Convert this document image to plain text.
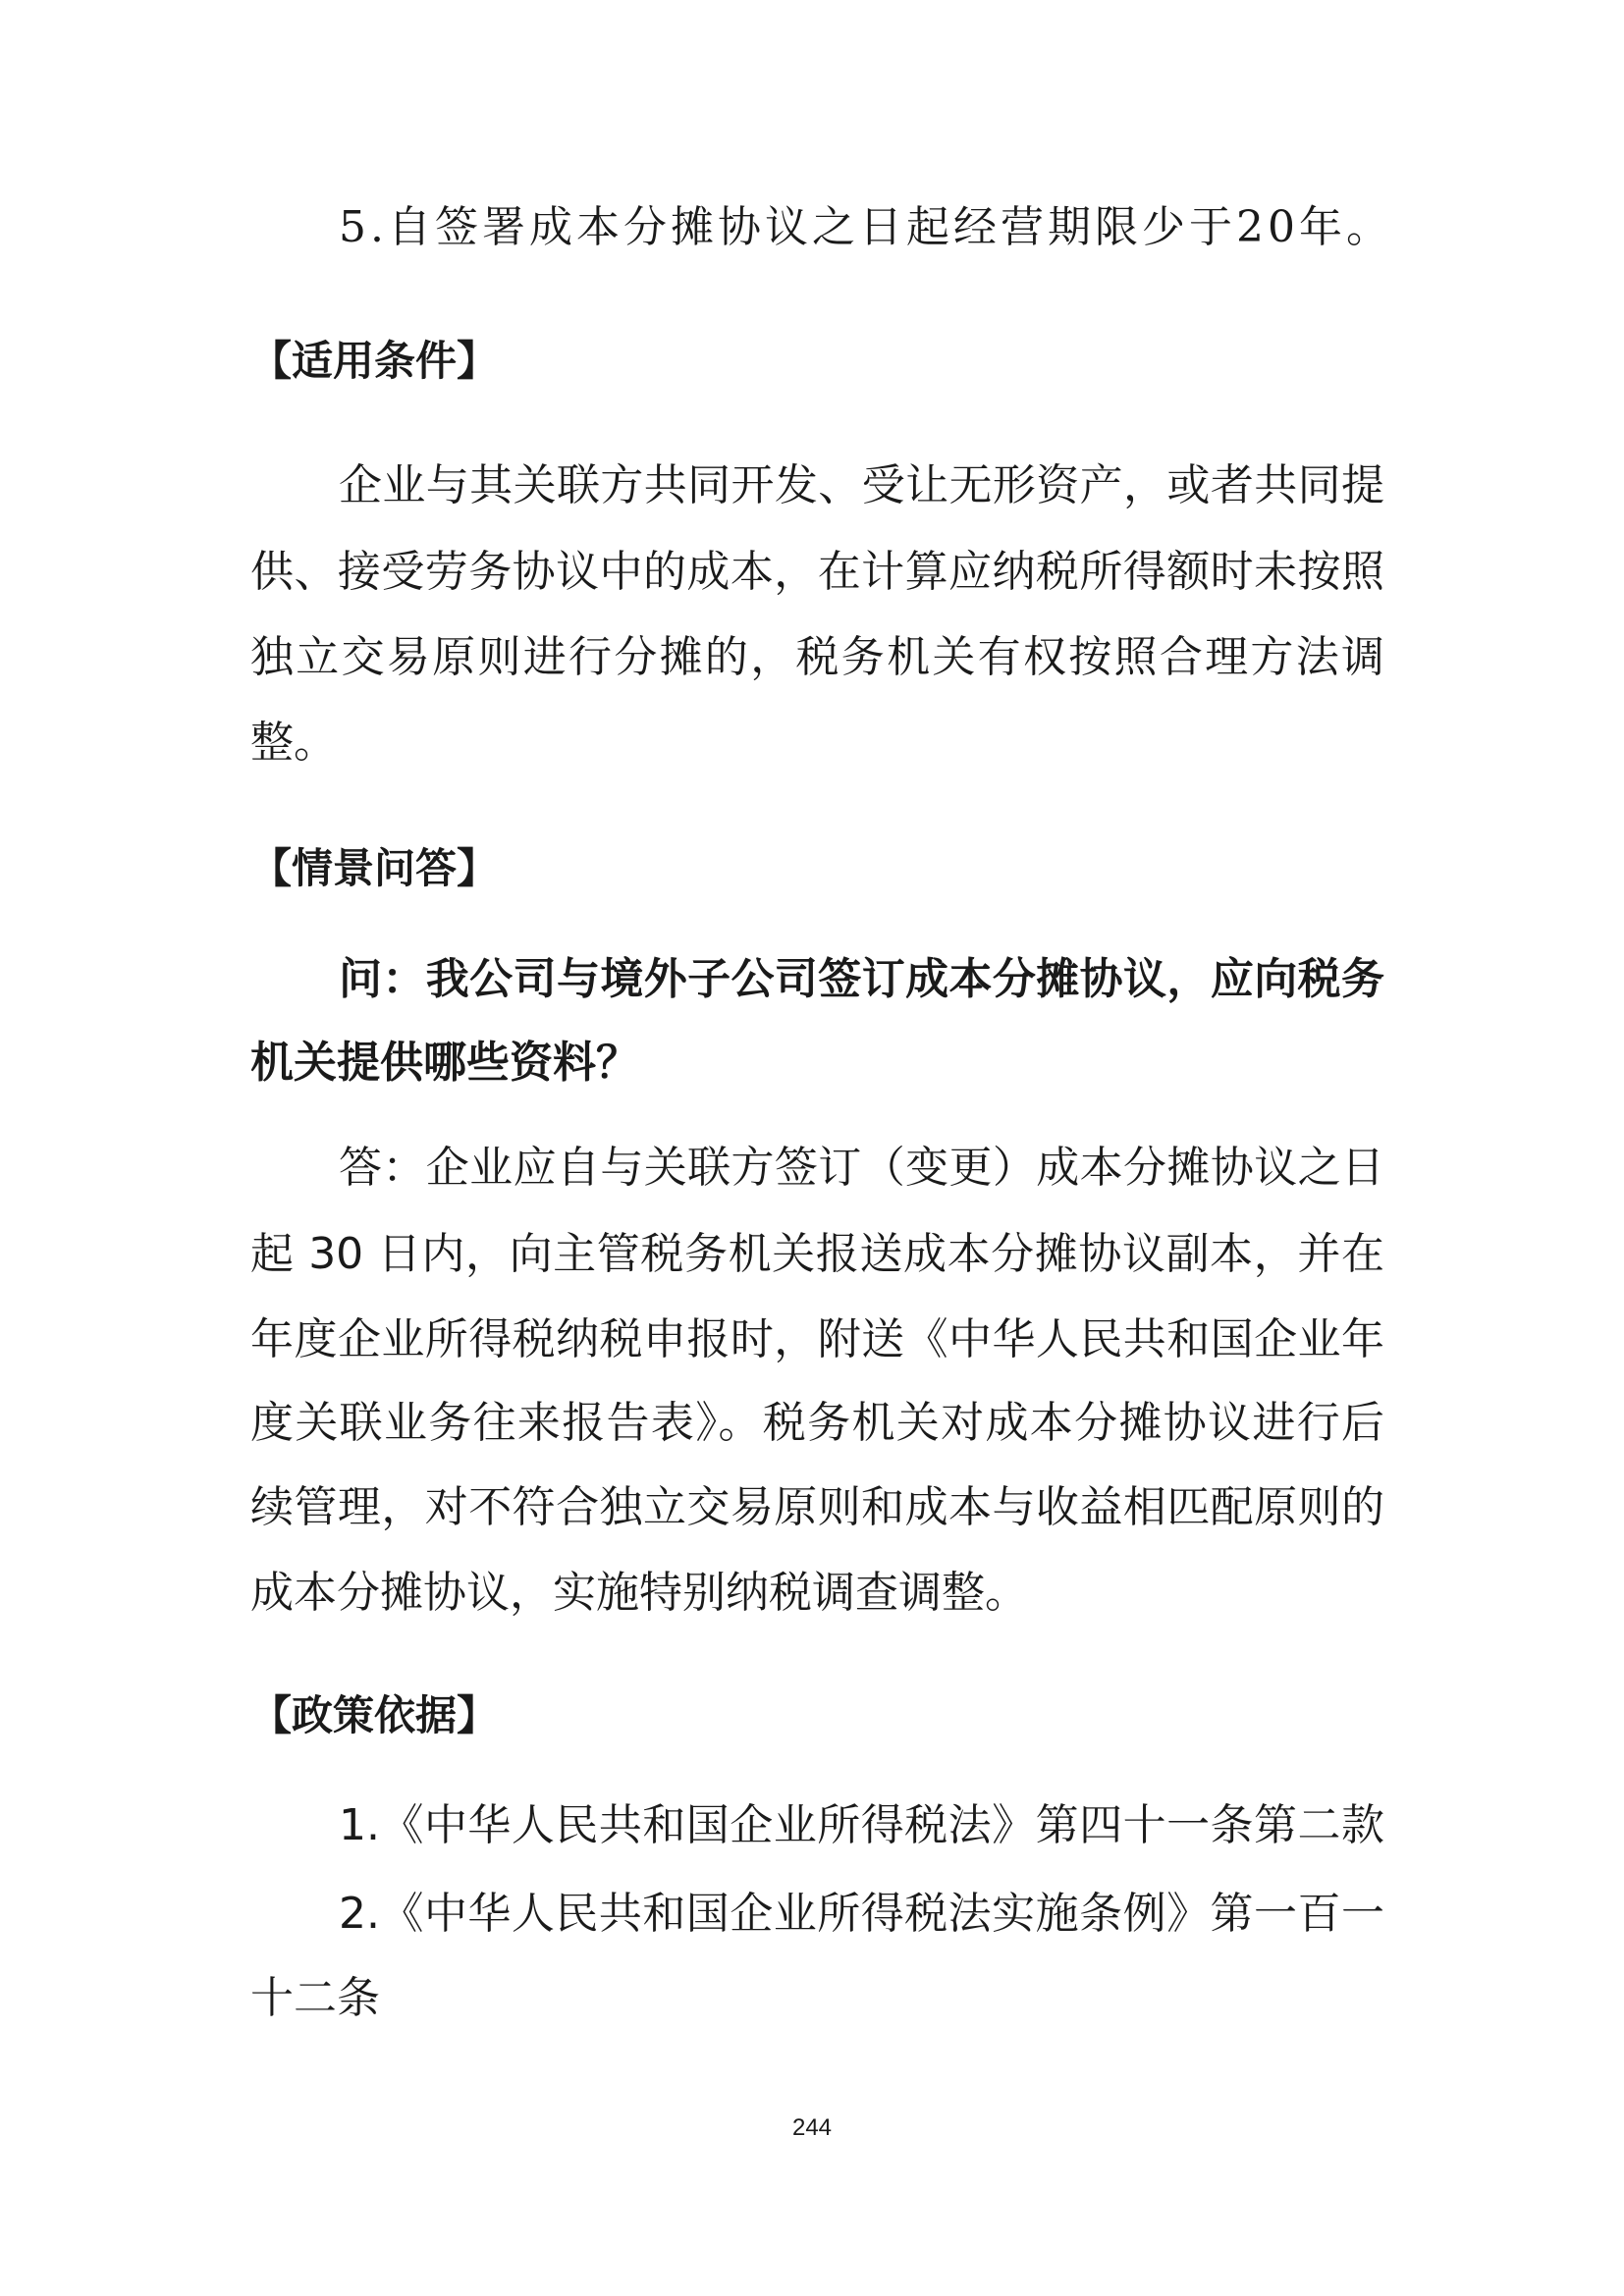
5.自签署成本分摊协议之日起经营期限少于20年。
【适用条件】
企业与其关联方共同开发、受让无形资产，或者共同提
供、接受劳务协议中的成本，在计算应纳税所得额时未按照
独立交易原则进行分摊的，税务机关有权按照合理方法调
整。
【情景问答】
问：我公司与境外子公司签订成本分摊协议，应向税务
机关提供哪些资料？
答：企业应自与关联方签订（变更）成本分摊协议之日
起 30 日内，向主管税务机关报送成本分摊协议副本，并在
年度企业所得税纳税申报时，附送《中华人民共和国企业年
度关联业务往来报告表》。税务机关对成本分摊协议进行后
续管理，对不符合独立交易原则和成本与收益相匹配原则的
成本分摊协议，实施特别纳税调查调整。
【政策依据】
1.《中华人民共和国企业所得税法》第四十一条第二款
2.《中华人民共和国企业所得税法实施条例》第一百一
十二条
244
